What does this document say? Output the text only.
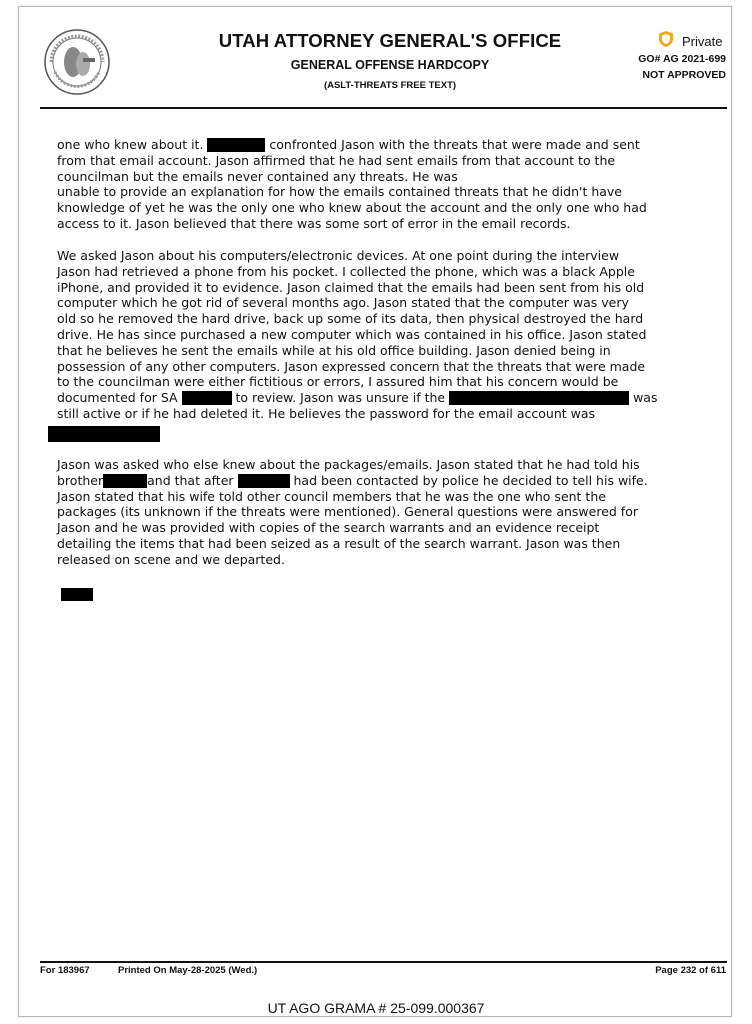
UTAH ATTORNEY GENERAL'S OFFICE
GENERAL OFFENSE HARDCOPY
(ASLT-THREATS FREE TEXT)
Private
GO# AG 2021-699
NOT APPROVED
one who knew about it.	confronted Jason with the threats that were made and sent
from that email account. Jason affirmed that he had sent emails from that account to the
councilman but the emails never contained any threats. He was
unable to provide an explanation for how the emails contained threats that he didn't have
knowledge of yet he was the only one who knew about the account and the only one who had
access to it. Jason believed that there was some sort of error in the email records.
We asked Jason about his computers/electronic devices. At one point during the interview
Jason had retrieved a phone from his pocket. I collected the phone, which was a black Apple
iPhone, and provided it to evidence. Jason claimed that the emails had been sent from his old
computer which he got rid of several months ago. Jason stated that the computer was very
old so he removed the hard drive, back up some of its data, then physical destroyed the hard
drive. He has since purchased a new computer which was contained in his office. Jason stated
that he believes he sent the emails while at his old office building. Jason denied being in
possession of any other computers. Jason expressed concern that the threats that were made
to the councilman were either fictitious or errors, I assured him that his concern would be
documented for SA	to review. Jason was unsure if the	was
still active or if he had deleted it. He believes the password for the email account was
Jason was asked who else knew about the packages/emails. Jason stated that he had told his
brother	and that after	had been contacted by police he decided to tell his wife.
Jason stated that his wife told other council members that he was the one who sent the
packages (its unknown if the threats were mentioned). General questions were answered for
Jason and he was provided with copies of the search warrants and an evidence receipt
detailing the items that had been seized as a result of the search warrant. Jason was then
released on scene and we departed.
For 183967	Printed On May-28-2025 (Wed.)	Page 232 of 611
UT AGO GRAMA # 25-099.000367
